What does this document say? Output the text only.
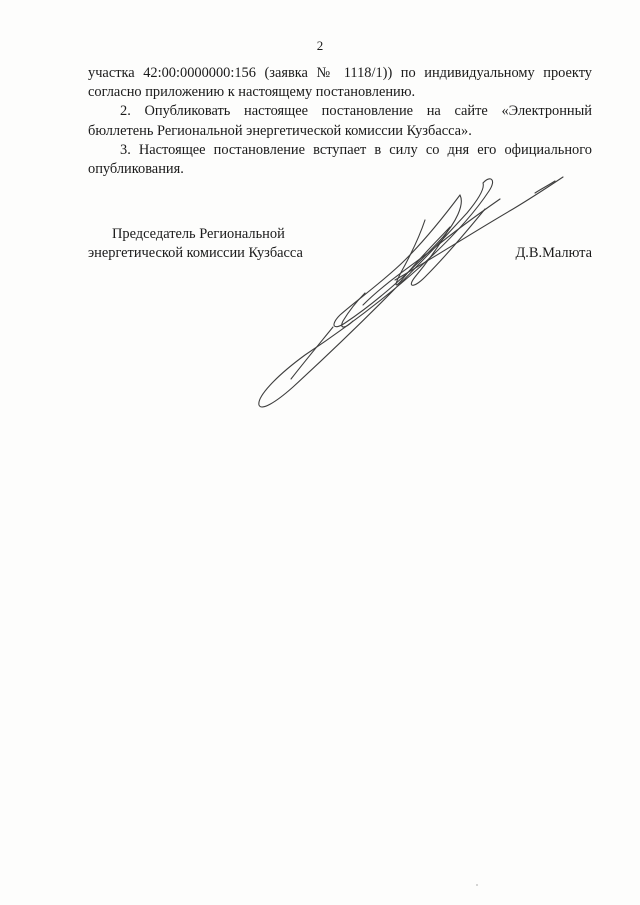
2

участка 42:00:0000000:156 (заявка № 1118/1)) по индивидуальному проекту
согласно приложению к настоящему постановлению.

2. Опубликовать настоящее постановление на сайте «Электронный
бюллетень Региональной энергетической комиссии Кузбасса».

3. Настоящее постановление вступает в силу со дня его официального
опубликования.

Председатель Региональной
энергетической комиссии Кузбасса	Д.В.Малюта
